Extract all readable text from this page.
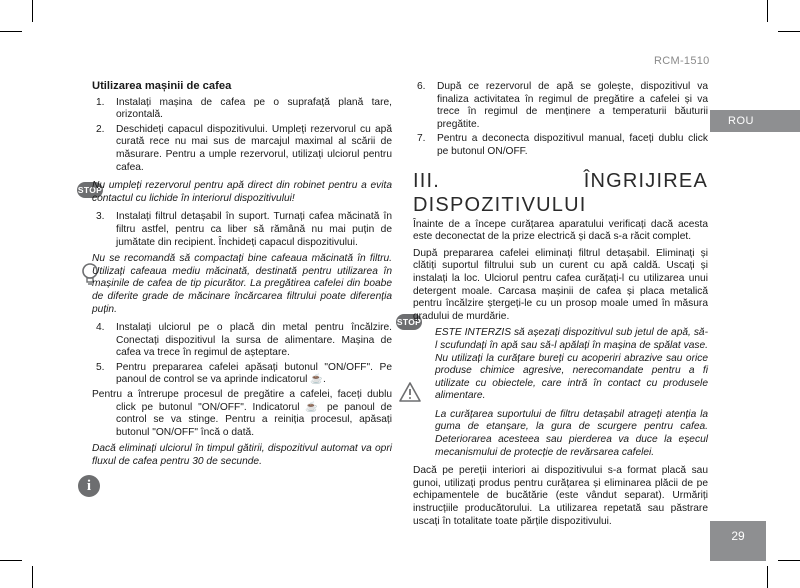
RCM-1510
ROU
29
STOP
i
STOP
Utilizarea mașinii de cafea
1. Instalați mașina de cafea pe o suprafață plană tare, orizontală.
2. Deschideți capacul dispozitivului. Umpleți rezervorul cu apă curată rece nu mai sus de marcajul maximal al scării de măsurare. Pentru a umple rezervorul, utilizați ulciorul pentru cafea.
Nu umpleți rezervorul pentru apă direct din robinet pentru a evita contactul cu lichide în interiorul dispozitivului!
3. Instalați filtrul detașabil în suport. Turnați cafea măcinată în filtru astfel, pentru ca liber să rămână nu mai puțin de jumătate din recipient. Închideți capacul dispozitivului.
Nu se recomandă să compactați bine cafeaua măcinată în filtru. Utilizați cafeaua mediu măcinată, destinată pentru utilizarea în mașinile de cafea de tip picurător. La pregătirea cafelei din boabe de diferite grade de măcinare încărcarea filtrului poate diferenția puțin.
4. Instalați ulciorul pe o placă din metal pentru încălzire. Conectați dispozitivul la sursa de alimentare. Mașina de cafea va trece în regimul de așteptare.
5. Pentru prepararea cafelei apăsați butonul "ON/OFF". Pe panoul de control se va aprinde indicatorul ☕.
Pentru a întrerupe procesul de pregătire a cafelei, faceți dublu click pe butonul "ON/OFF". Indicatorul ☕ pe panoul de control se va stinge. Pentru a reiniția procesul, apăsați butonul "ON/OFF" încă o dată.
Dacă eliminați ulciorul în timpul gătirii, dispozitivul automat va opri fluxul de cafea pentru 30 de secunde.
6. După ce rezervorul de apă se golește, dispozitivul va finaliza activitatea în regimul de pregătire a cafelei și va trece în regimul de menținere a temperaturii băuturii pregătite.
7. Pentru a deconecta dispozitivul manual, faceți dublu click pe butonul ON/OFF.
III. ÎNGRIJIREA DISPOZITIVULUI
Înainte de a începe curățarea aparatului verificați dacă acesta este deconectat de la prize electrică și dacă s-a răcit complet.
După prepararea cafelei eliminați filtrul detașabil. Eliminați și clătiți suportul filtrului sub un curent cu apă caldă. Uscați și instalați la loc. Ulciorul pentru cafea curățați-l cu utilizarea unui detergent moale. Carcasa mașinii de cafea și placa metalică pentru încălzire ștergeți-le cu un prosop moale umed în măsura gradului de murdărie.
ESTE INTERZIS să așezați dispozitivul sub jetul de apă, să-l scufundați în apă sau să-l apălați în mașina de spălat vase. Nu utilizați la curățare bureți cu acoperiri abrazive sau orice produse chimice agresive, nerecomandate pentru a fi utilizate cu obiectele, care intră în contact cu produsele alimentare.
La curățarea suportului de filtru detașabil atrageți atenția la guma de etanșare, la gura de scurgere pentru cafea. Deteriorarea acesteea sau pierderea va duce la eșecul mecanismului de protecție de revărsarea cafelei.
Dacă pe pereții interiori ai dispozitivului s-a format placă sau gunoi, utilizați produs pentru curățarea și eliminarea plăcii de pe echipamentele de bucătărie (este vândut separat). Urmăriți instrucțiile producătorului. La utilizarea repetată sau păstrare uscați în totalitate toate părțile dispozitivului.
